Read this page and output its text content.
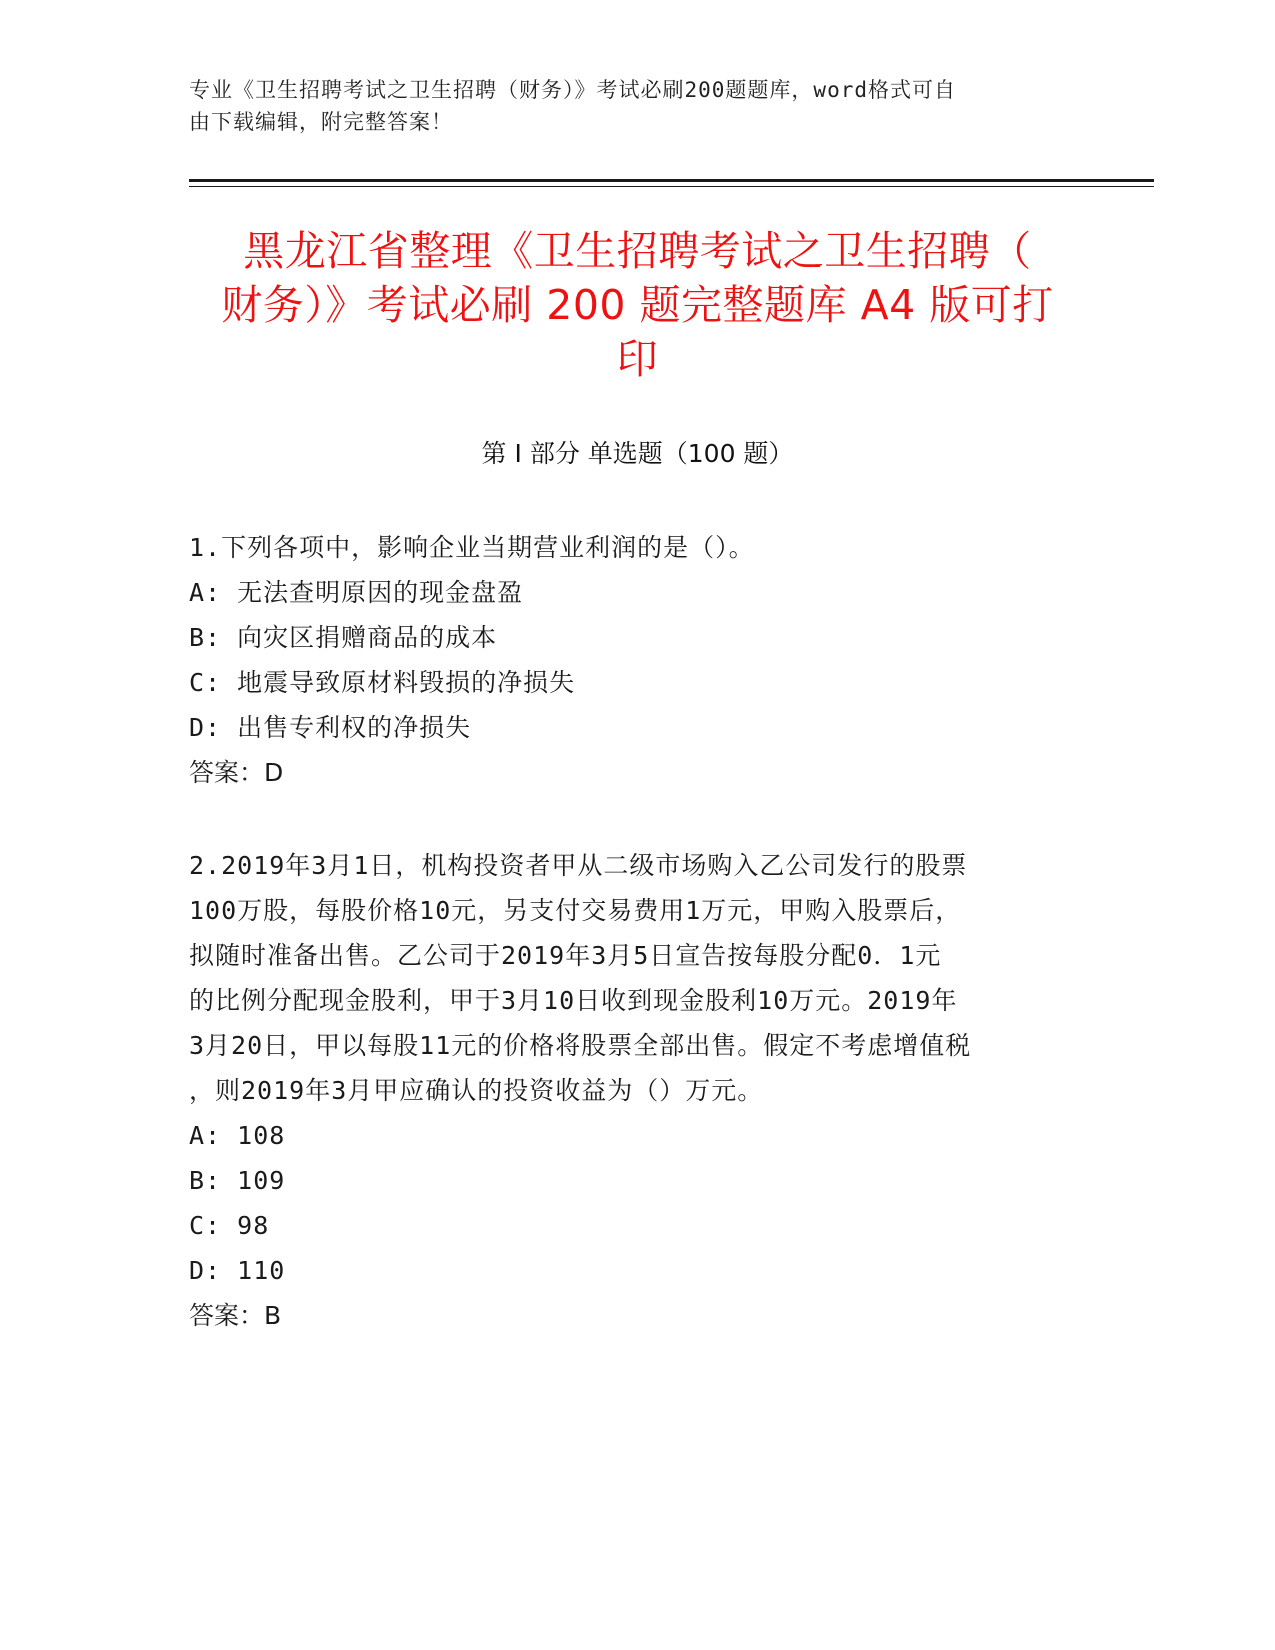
专业《卫生招聘考试之卫生招聘（财务）》考试必刷200题题库，word格式可自
由下载编辑，附完整答案！
黑龙江省整理《卫生招聘考试之卫生招聘（
财务）》考试必刷 200 题完整题库 A4 版可打
印
第 I 部分 单选题（100 题）

1.下列各项中，影响企业当期营业利润的是（）。

A: 无法查明原因的现金盘盈

B: 向灾区捐赠商品的成本

C: 地震导致原材料毁损的净损失

D: 出售专利权的净损失

答案：D

2.2019年3月1日，机构投资者甲从二级市场购入乙公司发行的股票

100万股，每股价格10元，另支付交易费用1万元，甲购入股票后，

拟随时准备出售。乙公司于2019年3月5日宣告按每股分配0．1元

的比例分配现金股利，甲于3月10日收到现金股利10万元。2019年

3月20日，甲以每股11元的价格将股票全部出售。假定不考虑增值税

，则2019年3月甲应确认的投资收益为（）万元。

A: 108

B: 109

C: 98

D: 110

答案：B
